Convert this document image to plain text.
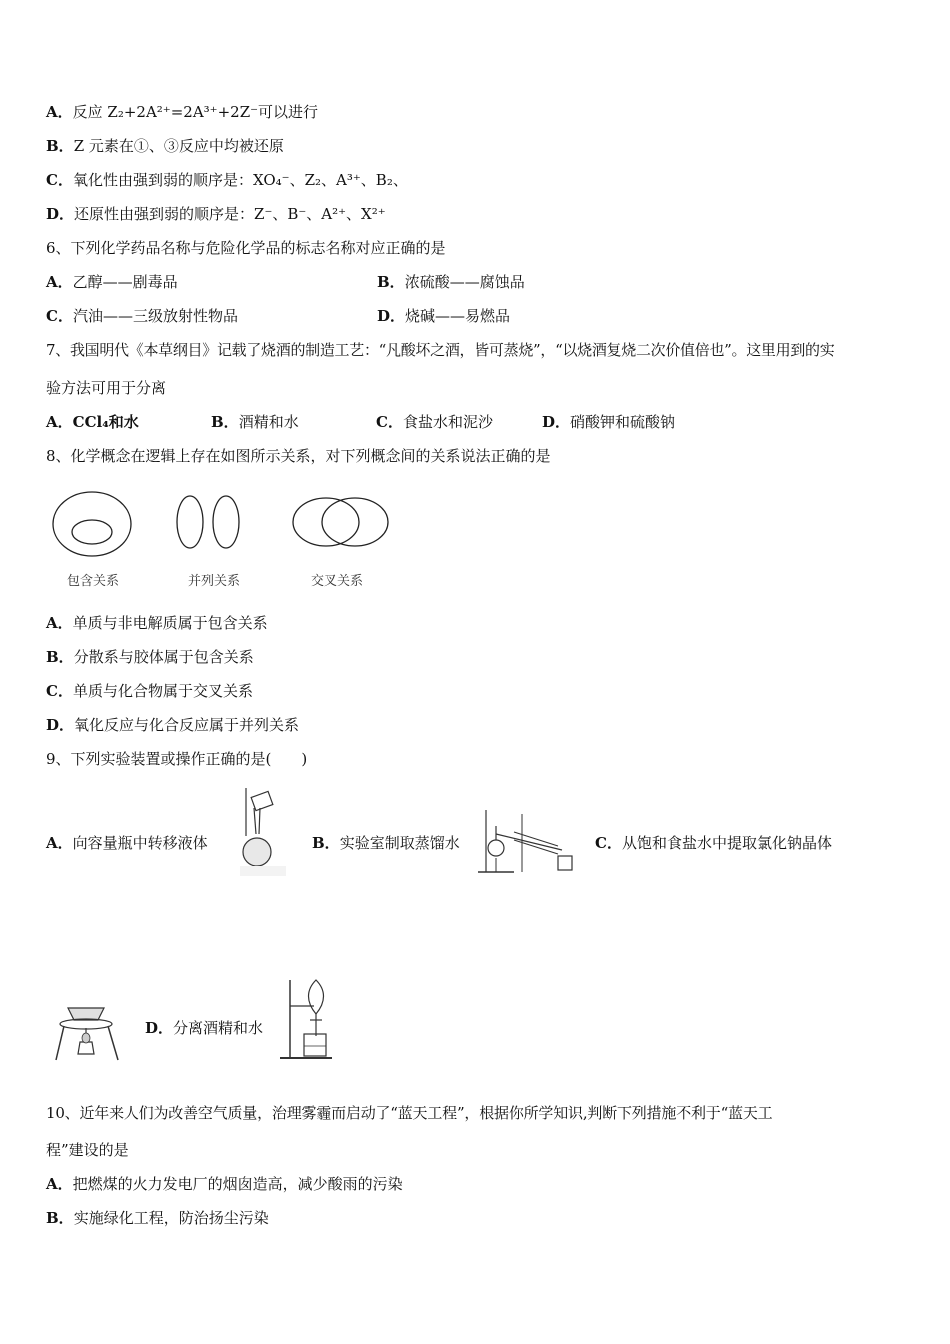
A．反应 Z₂+2A²⁺=2A³⁺+2Z⁻可以进行
B．Z 元素在①、③反应中均被还原
C．氧化性由强到弱的顺序是：XO₄⁻、Z₂、A³⁺、B₂、
D．还原性由强到弱的顺序是：Z⁻、B⁻、A²⁺、X²⁺
6、下列化学药品名称与危险化学品的标志名称对应正确的是
A．乙醇——剧毒品	B．浓硫酸——腐蚀品
C．汽油——三级放射性物品	D．烧碱——易燃品
7、我国明代《本草纲目》记载了烧酒的制造工艺：“凡酸坏之酒，皆可蒸烧”，“以烧酒复烧二次价值倍也”。这里用到的实
验方法可用于分离
A．CCl₄和水	B．酒精和水	C．食盐水和泥沙	D．硝酸钾和硫酸钠
8、化学概念在逻辑上存在如图所示关系，对下列概念间的关系说法正确的是
包含关系	并列关系	交叉关系
A．单质与非电解质属于包含关系
B．分散系与胶体属于包含关系
C．单质与化合物属于交叉关系
D．氧化反应与化合反应属于并列关系
9、下列实验装置或操作正确的是(　　)
A．向容量瓶中转移液体	B．实验室制取蒸馏水	C．从饱和食盐水中提取氯化钠晶体
D．分离酒精和水
10、近年来人们为改善空气质量，治理雾霾而启动了“蓝天工程”，根据你所学知识,判断下列措施不利于“蓝天工
程”建设的是
A．把燃煤的火力发电厂的烟囱造高，减少酸雨的污染
B．实施绿化工程，防治扬尘污染
